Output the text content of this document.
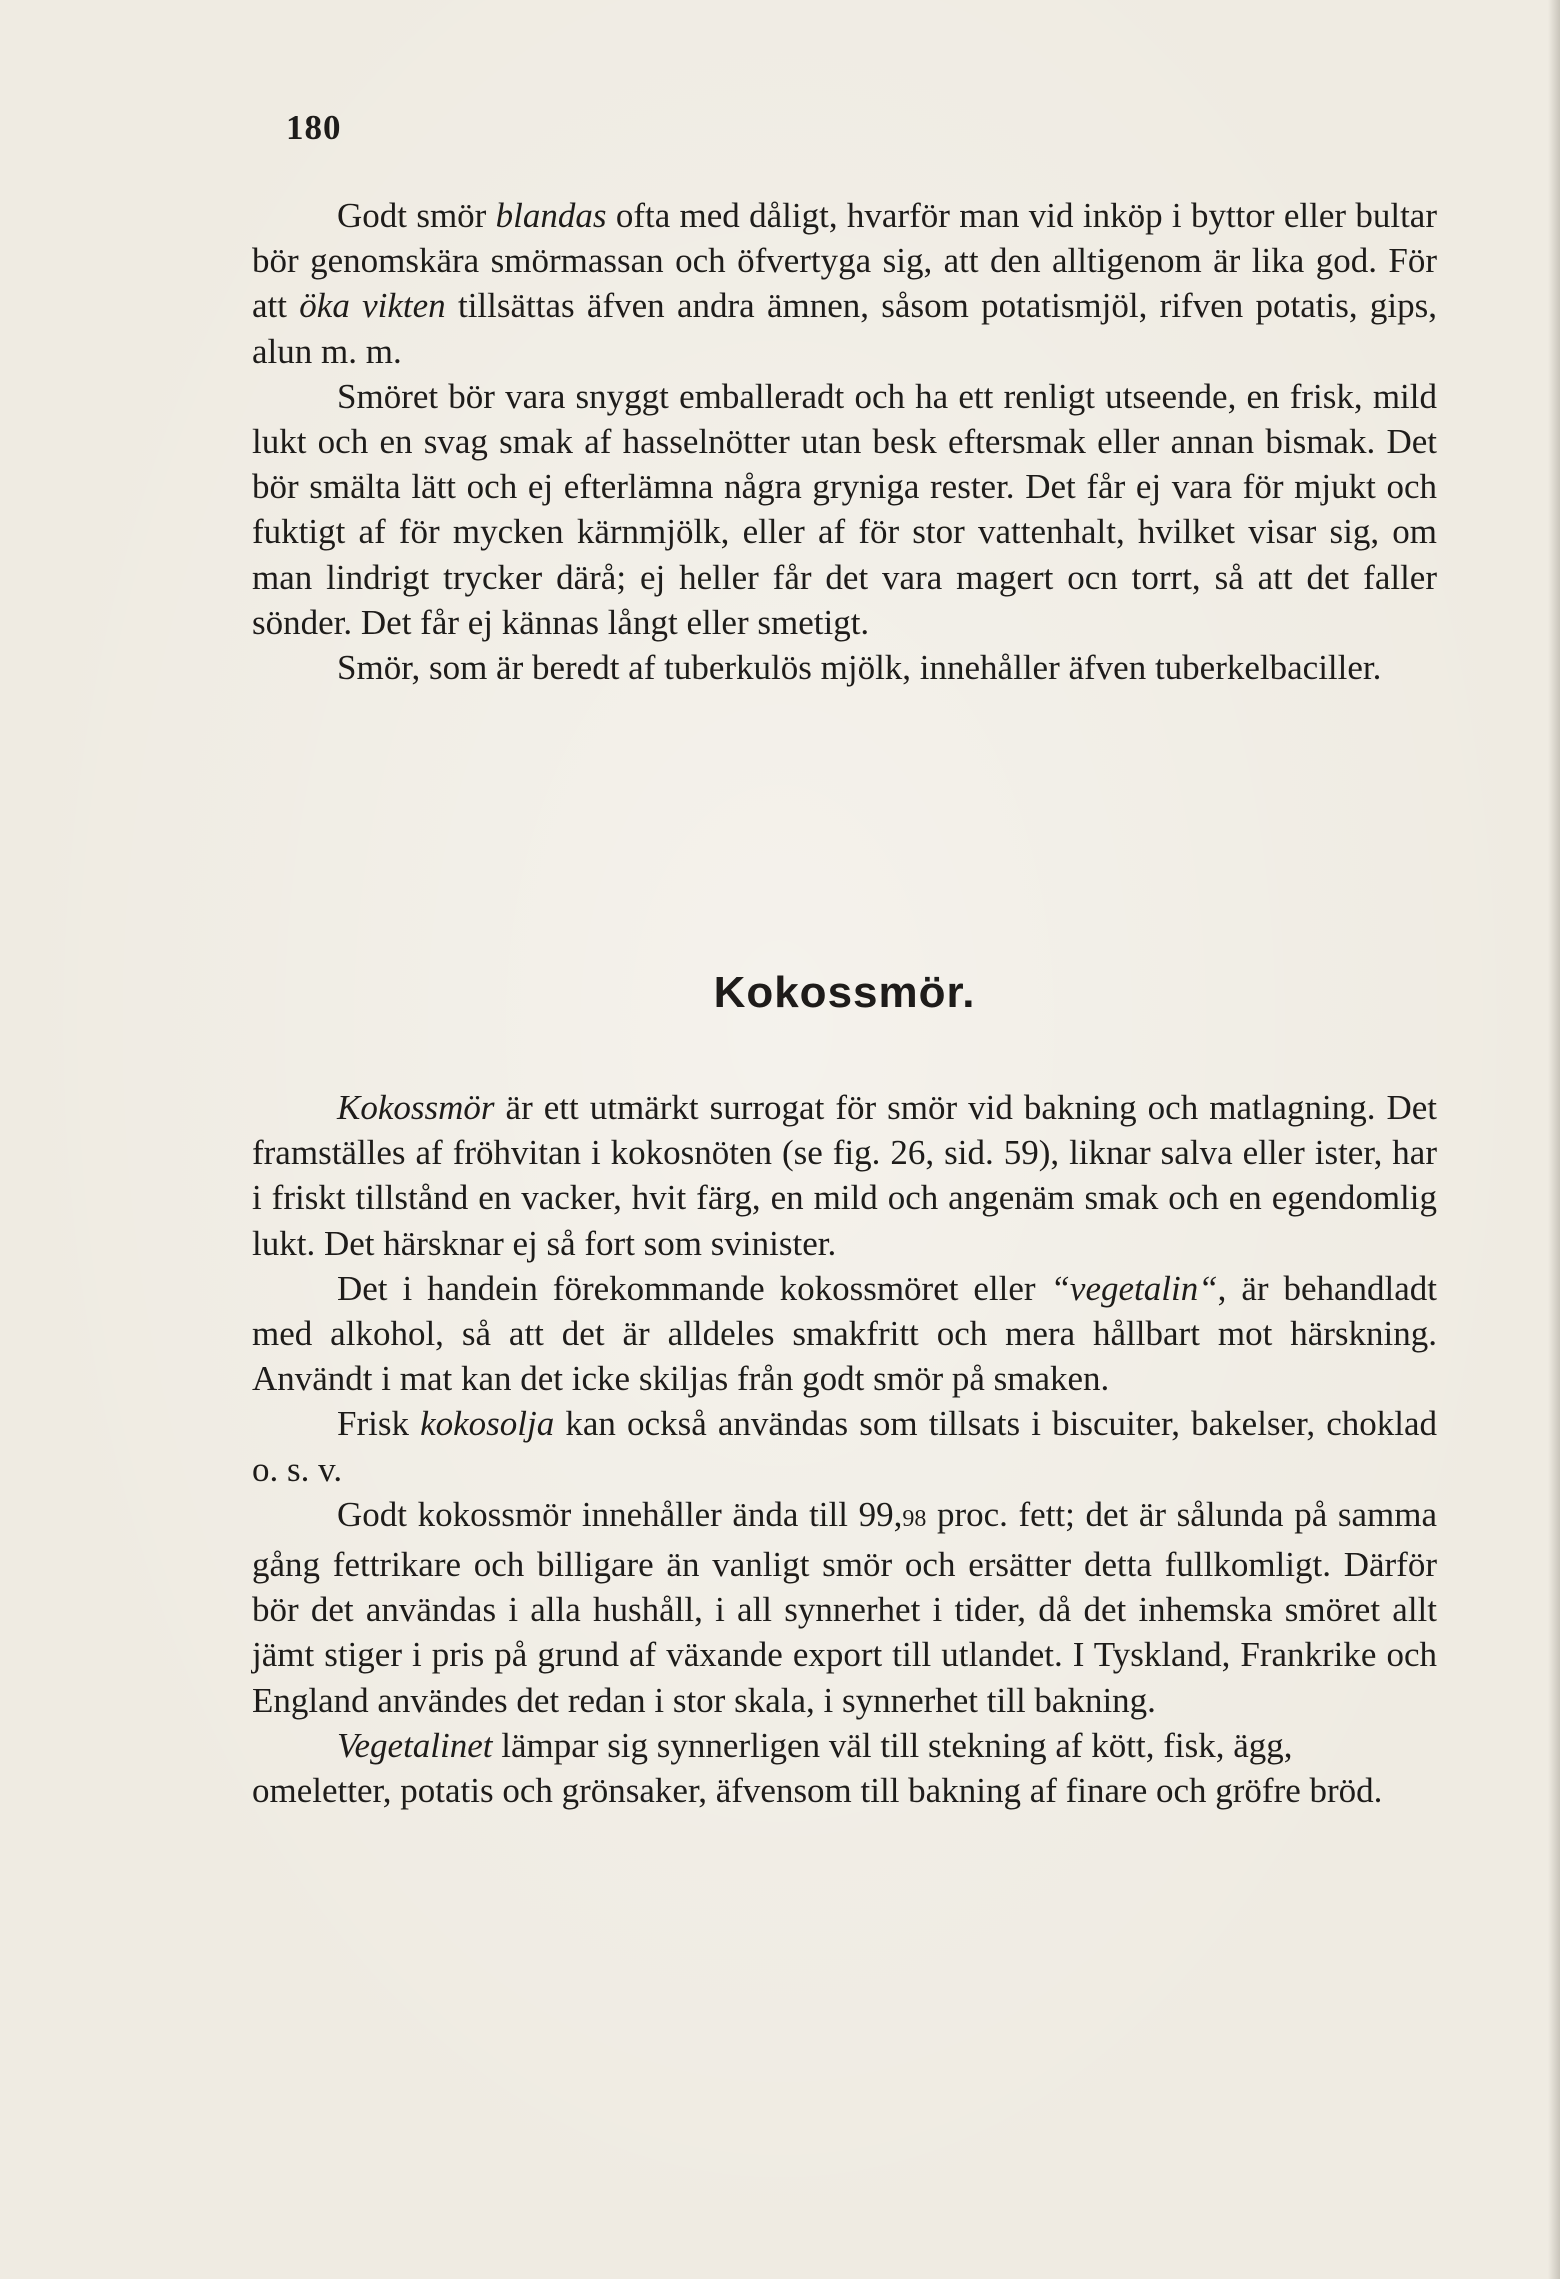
180

Godt smör blandas ofta med dåligt, hvarför man vid inköp i byttor eller bultar bör genomskära smörmassan och öfvertyga sig, att den alltigenom är lika god. För att öka vikten tillsättas äfven andra ämnen, såsom potatismjöl, rifven potatis, gips, alun m. m.

Smöret bör vara snyggt emballeradt och ha ett renligt utseende, en frisk, mild lukt och en svag smak af hasselnötter utan besk eftersmak eller annan bismak. Det bör smälta lätt och ej efterlämna några gryniga rester. Det får ej vara för mjukt och fuktigt af för mycken kärnmjölk, eller af för stor vattenhalt, hvilket visar sig, om man lindrigt trycker därå; ej heller får det vara magert ocn torrt, så att det faller sönder. Det får ej kännas långt eller smetigt.

Smör, som är beredt af tuberkulös mjölk, innehåller äfven tuberkelbaciller.

Kokossmör.

Kokossmör är ett utmärkt surrogat för smör vid bakning och matlagning. Det framställes af fröhvitan i kokosnöten (se fig. 26, sid. 59), liknar salva eller ister, har i friskt tillstånd en vacker, hvit färg, en mild och angenäm smak och en egendomlig lukt. Det härsknar ej så fort som svinister.

Det i handein förekommande kokossmöret eller “vegetalin“, är behandladt med alkohol, så att det är alldeles smakfritt och mera hållbart mot härskning. Användt i mat kan det icke skiljas från godt smör på smaken.

Frisk kokosolja kan också användas som tillsats i biscuiter, bakelser, choklad o. s. v.

Godt kokossmör innehåller ända till 99,98 proc. fett; det är sålunda på samma gång fettrikare och billigare än vanligt smör och ersätter detta fullkomligt. Därför bör det användas i alla hushåll, i all synnerhet i tider, då det inhemska smöret allt jämt stiger i pris på grund af växande export till utlandet. I Tyskland, Frankrike och England användes det redan i stor skala, i synnerhet till bakning.

Vegetalinet lämpar sig synnerligen väl till stekning af kött, fisk, ägg, omeletter, potatis och grönsaker, äfvensom till bakning af finare och gröfre bröd.
